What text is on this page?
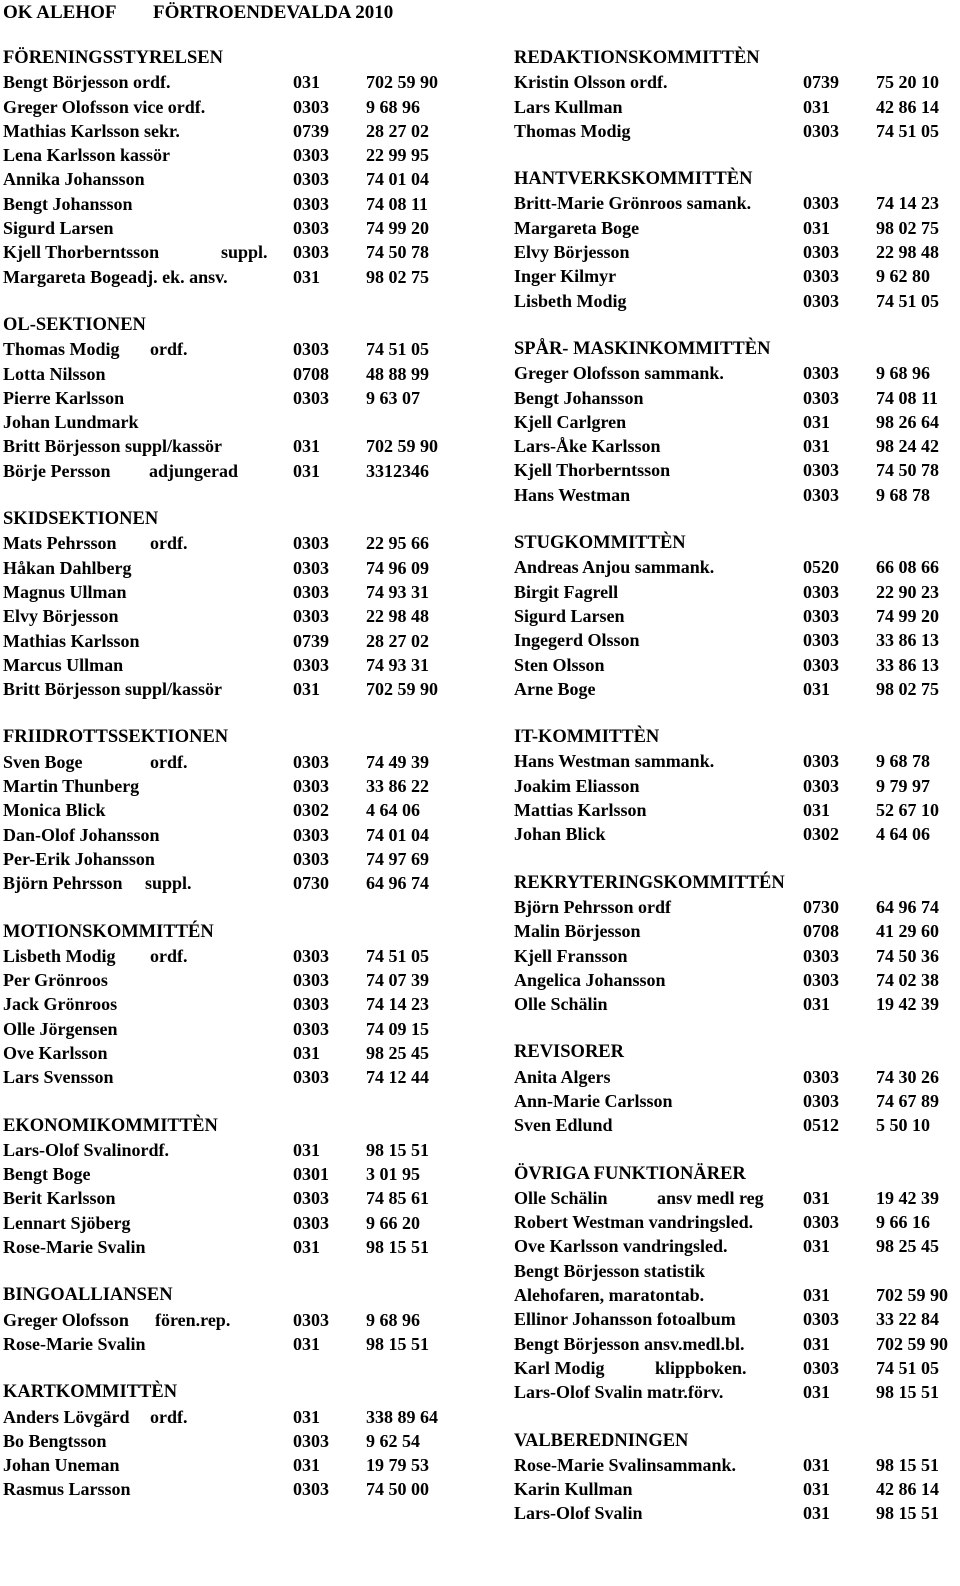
OK ALEHOF FÖRTROENDEVALDA 2010
FÖRENINGSSTYRELSEN
Bengt Börjesson ordf.	031	702 59 90
Greger Olofsson vice ordf.	0303 9 68 96
Mathias Karlsson sekr.	0739 28 27 02
Lena Karlsson kassör	0303 22 99 95
Annika Johansson	0303 74 01 04
Bengt Johansson	0303 74 08 11
Sigurd Larsen	0303 74 99 20
Kjell Thorberntsson	suppl. 0303 74 50 78
Margareta Bogeadj. ek. ansv.	031	98 02 75
OL-SEKTIONEN
Thomas Modig ordf.	0303 74 51 05
Lotta Nilsson	0708 48 88 99
Pierre Karlsson	0303 9 63 07
Johan Lundmark
Britt Börjesson suppl/kassör	031	702 59 90
Börje Persson adjungerad	031	3312346
SKIDSEKTIONEN
Mats Pehrsson ordf.	0303 22 95 66
Håkan Dahlberg	0303 74 96 09
Magnus Ullman	0303 74 93 31
Elvy Börjesson	0303 22 98 48
Mathias Karlsson	0739 28 27 02
Marcus Ullman	0303 74 93 31
Britt Börjesson suppl/kassör	031	702 59 90
FRIIDROTTSSEKTIONEN
Sven Boge	ordf.	0303 74 49 39
Martin Thunberg	0303 33 86 22
Monica Blick	0302 4 64 06
Dan-Olof Johansson	0303 74 01 04
Per-Erik Johansson	0303 74 97 69
Björn Pehrsson suppl.	0730 64 96 74
MOTIONSKOMMITTÉN
Lisbeth Modig ordf.	0303 74 51 05
Per Grönroos	0303 74 07 39
Jack Grönroos	0303 74 14 23
Olle Jörgensen	0303 74 09 15
Ove Karlsson	031	98 25 45
Lars Svensson	0303 74 12 44
EKONOMIKOMMITTÈN
Lars-Olof Svalinordf.	031	98 15 51
Bengt Boge	0301 3 01 95
Berit Karlsson	0303 74 85 61
Lennart Sjöberg	0303 9 66 20
Rose-Marie Svalin	031	98 15 51
BINGOALLIANSEN
Greger Olofsson fören.rep.	0303 9 68 96
Rose-Marie Svalin	031	98 15 51
KARTKOMMITTÈN
Anders Lövgärd ordf.	031	338 89 64
Bo Bengtsson	0303 9 62 54
Johan Uneman	031	19 79 53
Rasmus Larsson	0303 74 50 00
REDAKTIONSKOMMITTÈN
Kristin Olsson ordf.	0739 75 20 10
Lars Kullman	031	42 86 14
Thomas Modig	0303 74 51 05
HANTVERKSKOMMITTÈN
Britt-Marie Grönroos samank.	0303 74 14 23
Margareta Boge	031	98 02 75
Elvy Börjesson	0303 22 98 48
Inger Kilmyr	0303 9 62 80
Lisbeth Modig	0303 74 51 05
SPÅR- MASKINKOMMITTÈN
Greger Olofsson sammank.	0303 9 68 96
Bengt Johansson	0303 74 08 11
Kjell Carlgren	031	98 26 64
Lars-Åke Karlsson	031	98 24 42
Kjell Thorberntsson	0303 74 50 78
Hans Westman	0303 9 68 78
STUGKOMMITTÈN
Andreas Anjou sammank.	0520 66 08 66
Birgit Fagrell	0303 22 90 23
Sigurd Larsen	0303 74 99 20
Ingegerd Olsson	0303 33 86 13
Sten Olsson	0303 33 86 13
Arne Boge	031	98 02 75
IT-KOMMITTÈN
Hans Westman sammank.	0303 9 68 78
Joakim Eliasson	0303 9 79 97
Mattias Karlsson	031	52 67 10
Johan Blick	0302 4 64 06
REKRYTERINGSKOMMITTÉN
Björn Pehrsson ordf	0730 64 96 74
Malin Börjesson	0708 41 29 60
Kjell Fransson	0303 74 50 36
Angelica Johansson	0303 74 02 38
Olle Schälin	031	19 42 39
REVISORER
Anita Algers	0303 74 30 26
Ann-Marie Carlsson	0303 74 67 89
Sven Edlund	0512 5 50 10
ÖVRIGA FUNKTIONÄRER
Olle Schälin	ansv medl reg 031	19 42 39
Robert Westman vandringsled.	0303 9 66 16
Ove Karlsson vandringsled.	031	98 25 45
Bengt Börjesson statistik
Alehofaren, maratontab.	031	702 59 90
Ellinor Johansson fotoalbum	0303 33 22 84
Bengt Börjesson ansv.medl.bl.	031	702 59 90
Karl Modig	klippboken.	0303 74 51 05
Lars-Olof Svalin matr.förv.	031	98 15 51
VALBEREDNINGEN
Rose-Marie Svalinsammank.	031	98 15 51
Karin Kullman	031	42 86 14
Lars-Olof Svalin	031	98 15 51
